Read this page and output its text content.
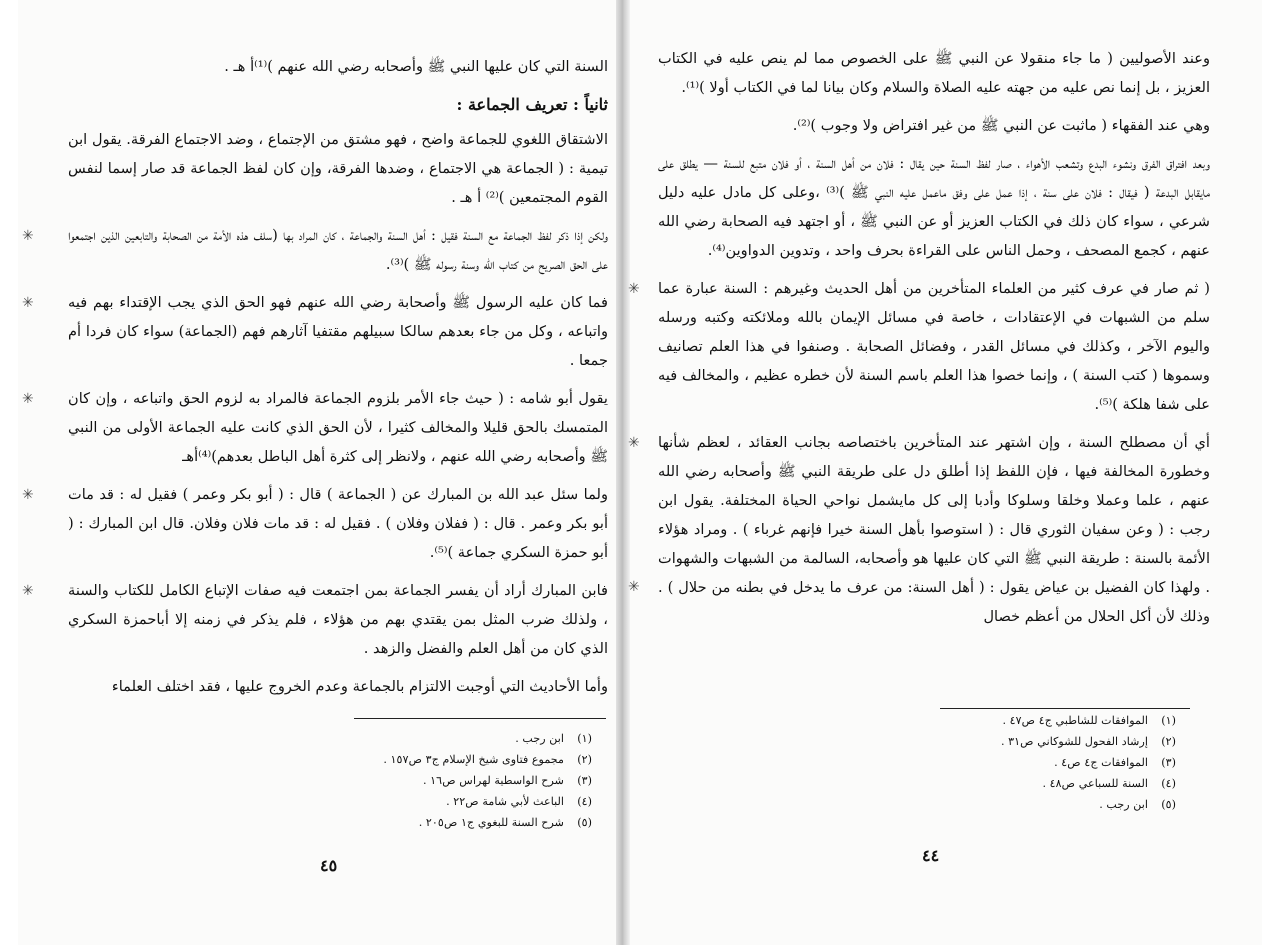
السنة التي كان عليها النبي ﷺ وأصحابه رضي الله عنهم )⁽¹⁾أ هـ .

ثانياً : تعريف الجماعة :

الاشتقاق اللغوي للجماعة واضح ، فهو مشتق من الإجتماع ، وضد الاجتماع الفرقة. يقول ابن تيمية : ( الجماعة هي الاجتماع ، وضدها الفرقة، وإن كان لفظ الجماعة قد صار إسما لنفس القوم المجتمعين )⁽²⁾ أ هـ .

✳ ولكن إذا ذكر لفظ الجماعة مع السنة فقيل : أهل السنة والجماعة ، كان المراد بها (سلف هذه الأمة من الصحابة والتابعين الذين اجتمعوا على الحق الصريح من كتاب الله وسنة رسوله ﷺ )⁽³⁾.

✳ فما كان عليه الرسول ﷺ وأصحابة رضي الله عنهم فهو الحق الذي يجب الإقتداء بهم فيه واتباعه ، وكل من جاء بعدهم سالكا سبيلهم مقتفيا آثارهم فهم (الجماعة) سواء كان فردا أم جمعا .

✳ يقول أبو شامه : ( حيث جاء الأمر بلزوم الجماعة فالمراد به لزوم الحق واتباعه ، وإن كان المتمسك بالحق قليلا والمخالف كثيرا ، لأن الحق الذي كانت عليه الجماعة الأولى من النبي ﷺ وأصحابه رضي الله عنهم ، ولانظر إلى كثرة أهل الباطل بعدهم)⁽⁴⁾أهـ

✳ ولما سئل عبد الله بن المبارك عن ( الجماعة ) قال : ( أبو بكر وعمر ) فقيل له : قد مات أبو بكر وعمر . قال : ( ففلان وفلان ) . فقيل له : قد مات فلان وفلان. قال ابن المبارك : ( أبو حمزة السكري جماعة )⁽⁵⁾.

✳ فابن المبارك أراد أن يفسر الجماعة بمن اجتمعت فيه صفات الإتباع الكامل للكتاب والسنة ، ولذلك ضرب المثل بمن يقتدي بهم من هؤلاء ، فلم يذكر في زمنه إلا أباحمزة السكري الذي كان من أهل العلم والفضل والزهد .

وأما الأحاديث التي أوجبت الالتزام بالجماعة وعدم الخروج عليها ، فقد اختلف العلماء

(١)
ابن رجب .
(٢)
مجموع فتاوى شيخ الإسلام ج٣ ص١٥٧ .
(٣)
شرح الواسطية لهراس ص١٦ .
(٤)
الباعث لأبي شامة ص٢٢ .
(٥)
شرح السنة للبغوي ج١ ص٢٠٥ .
٤٥

وعند الأصوليين ( ما جاء منقولا عن النبي ﷺ على الخصوص مما لم ينص عليه في الكتاب العزيز ، بل إنما نص عليه من جهته عليه الصلاة والسلام وكان بيانا لما في الكتاب أولا )⁽¹⁾.

وهي عند الفقهاء ( ماثبت عن النبي ﷺ من غير افتراض ولا وجوب )⁽²⁾.

وبعد افتراق الفرق ونشوء البدع وتشعب الأهواء ، صار لفظ السنة حين يقال : فلان من أهل السنة ، أو فلان متبع للسنة — يطلق على مايقابل البدعة ( فيقال : فلان على سنة ، إذا عمل على وفق ماعمل عليه النبي ﷺ )⁽³⁾ ،وعلى كل مادل عليه دليل شرعي ، سواء كان ذلك في الكتاب العزيز أو عن النبي ﷺ ، أو اجتهد فيه الصحابة رضي الله عنهم ، كجمع المصحف ، وحمل الناس على القراءة بحرف واحد ، وتدوين الدواوين⁽⁴⁾.

✳ ( ثم صار في عرف كثير من العلماء المتأخرين من أهل الحديث وغيرهم : السنة عبارة عما سلم من الشبهات في الإعتقادات ، خاصة في مسائل الإيمان بالله وملائكته وكتبه ورسله واليوم الآخر ، وكذلك في مسائل القدر ، وفضائل الصحابة . وصنفوا في هذا العلم تصانيف وسموها ( كتب السنة ) ، وإنما خصوا هذا العلم باسم السنة لأن خطره عظيم ، والمخالف فيه على شفا هلكة )⁽⁵⁾.

✳
✳
أي أن مصطلح السنة ، وإن اشتهر عند المتأخرين باختصاصه بجانب العقائد ، لعظم شأنها وخطورة المخالفة فيها ، فإن اللفظ إذا أطلق دل على طريقة النبي ﷺ وأصحابه رضي الله عنهم ، علما وعملا وخلقا وسلوكا وأدبا إلى كل مايشمل نواحي الحياة المختلفة. يقول ابن رجب : ( وعن سفيان الثوري قال : ( استوصوا بأهل السنة خيرا فإنهم غرباء ) . ومراد هؤلاء الأئمة بالسنة : طريقة النبي ﷺ التي كان عليها هو وأصحابه، السالمة من الشبهات والشهوات . ولهذا كان الفضيل بن عياض يقول : ( أهل السنة: من عرف ما يدخل في بطنه من حلال ) . وذلك لأن أكل الحلال من أعظم خصال

(١)
الموافقات للشاطبي ج٤ ص٤٧ .
(٢)
إرشاد الفحول للشوكاني ص٣١ .
(٣)
الموافقات ج٤ ص٤ .
(٤)
السنة للسباعي ص٤٨ .
(٥)
ابن رجب .
٤٤
